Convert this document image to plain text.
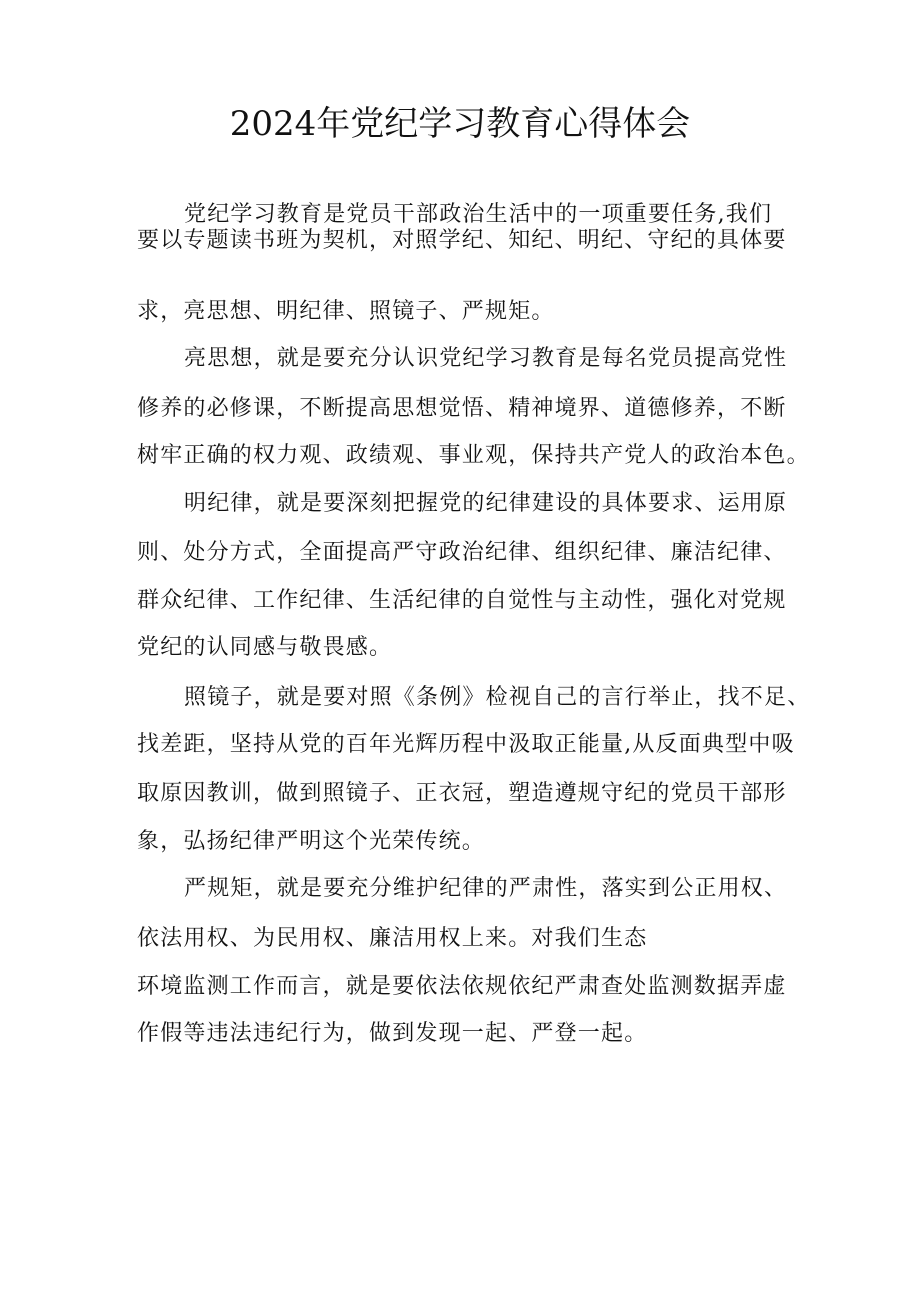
2024年党纪学习教育心得体会

党纪学习教育是党员干部政治生活中的一项重要任务,我们

要以专题读书班为契机，对照学纪、知纪、明纪、守纪的具体要

求，亮思想、明纪律、照镜子、严规矩。

亮思想，就是要充分认识党纪学习教育是每名党员提高党性

修养的必修课，不断提高思想觉悟、精神境界、道德修养，不断

树牢正确的权力观、政绩观、事业观，保持共产党人的政治本色。

明纪律，就是要深刻把握党的纪律建设的具体要求、运用原

则、处分方式，全面提高严守政治纪律、组织纪律、廉洁纪律、

群众纪律、工作纪律、生活纪律的自觉性与主动性，强化对党规

党纪的认同感与敬畏感。

照镜子，就是要对照《条例》检视自己的言行举止，找不足、

找差距，坚持从党的百年光辉历程中汲取正能量,从反面典型中吸

取原因教训，做到照镜子、正衣冠，塑造遵规守纪的党员干部形

象，弘扬纪律严明这个光荣传统。

严规矩，就是要充分维护纪律的严肃性，落实到公正用权、

依法用权、为民用权、廉洁用权上来。对我们生态

环境监测工作而言，就是要依法依规依纪严肃查处监测数据弄虚

作假等违法违纪行为，做到发现一起、严登一起。
